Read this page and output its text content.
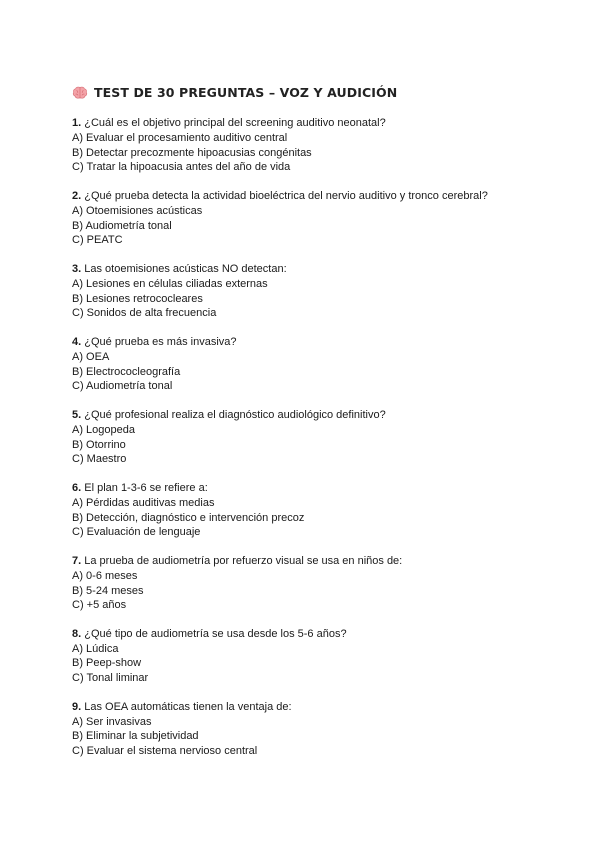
TEST DE 30 PREGUNTAS – VOZ Y AUDICIÓN
1. ¿Cuál es el objetivo principal del screening auditivo neonatal?
A) Evaluar el procesamiento auditivo central
B) Detectar precozmente hipoacusias congénitas
C) Tratar la hipoacusia antes del año de vida
2. ¿Qué prueba detecta la actividad bioeléctrica del nervio auditivo y tronco cerebral?
A) Otoemisiones acústicas
B) Audiometría tonal
C) PEATC
3. Las otoemisiones acústicas NO detectan:
A) Lesiones en células ciliadas externas
B) Lesiones retrococleares
C) Sonidos de alta frecuencia
4. ¿Qué prueba es más invasiva?
A) OEA
B) Electrococleografía
C) Audiometría tonal
5. ¿Qué profesional realiza el diagnóstico audiológico definitivo?
A) Logopeda
B) Otorrino
C) Maestro
6. El plan 1-3-6 se refiere a:
A) Pérdidas auditivas medias
B) Detección, diagnóstico e intervención precoz
C) Evaluación de lenguaje
7. La prueba de audiometría por refuerzo visual se usa en niños de:
A) 0-6 meses
B) 5-24 meses
C) +5 años
8. ¿Qué tipo de audiometría se usa desde los 5-6 años?
A) Lúdica
B) Peep-show
C) Tonal liminar
9. Las OEA automáticas tienen la ventaja de:
A) Ser invasivas
B) Eliminar la subjetividad
C) Evaluar el sistema nervioso central
